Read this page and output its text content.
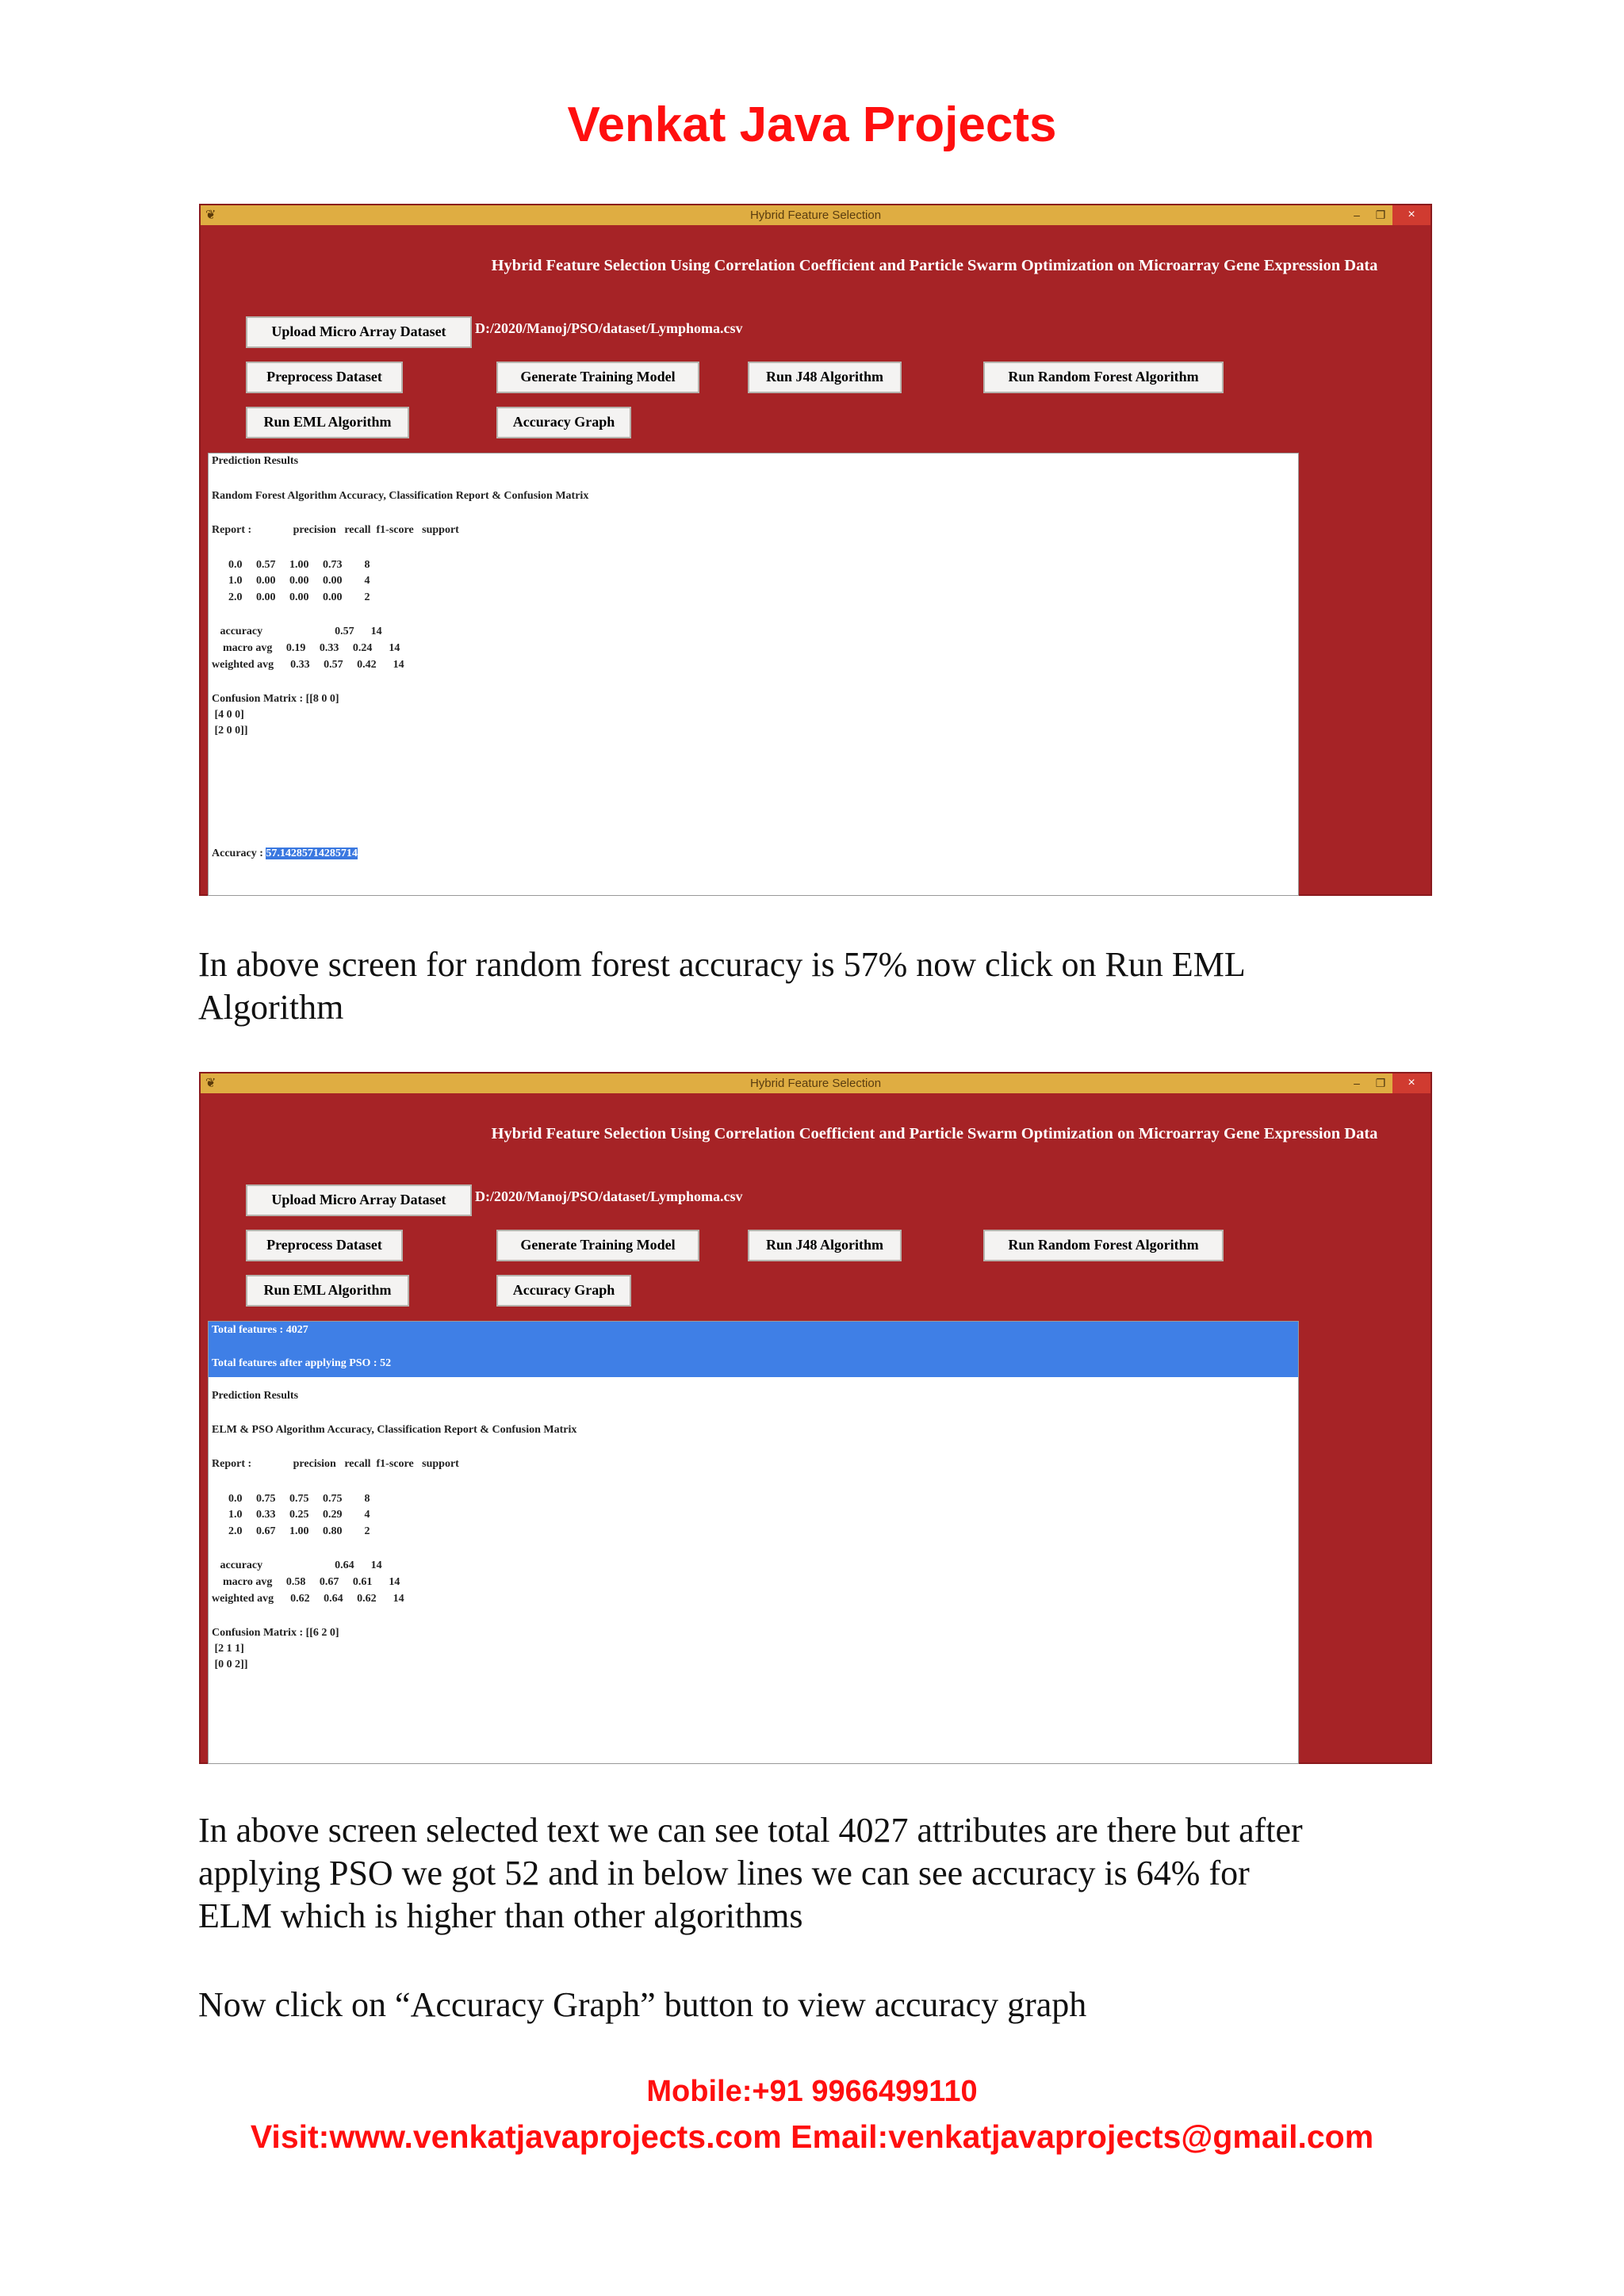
Venkat Java Projects
❦	Hybrid Feature Selection	–	❐	×
Hybrid Feature Selection Using Correlation Coefficient and Particle Swarm Optimization on Microarray Gene Expression Data
Upload Micro Array Dataset	D:/2020/Manoj/PSO/dataset/Lymphoma.csv
Preprocess Dataset	Generate Training Model	Run J48 Algorithm	Run Random Forest Algorithm
Run EML Algorithm	Accuracy Graph
Prediction Results
Random Forest Algorithm Accuracy, Classification Report & Confusion Matrix
Report :               precision   recall  f1-score   support
0.0     0.57     1.00     0.73        8
1.0     0.00     0.00     0.00        4
2.0     0.00     0.00     0.00        2
accuracy                          0.57      14
macro avg     0.19     0.33     0.24      14
weighted avg      0.33     0.57     0.42      14
Confusion Matrix : [[8 0 0]
[4 0 0]
[2 0 0]]
Accuracy : 57.14285714285714
In above screen for random forest accuracy is 57% now click on Run EML
Algorithm
❦	Hybrid Feature Selection	–	❐	×
Hybrid Feature Selection Using Correlation Coefficient and Particle Swarm Optimization on Microarray Gene Expression Data
Upload Micro Array Dataset	D:/2020/Manoj/PSO/dataset/Lymphoma.csv
Preprocess Dataset	Generate Training Model	Run J48 Algorithm	Run Random Forest Algorithm
Run EML Algorithm	Accuracy Graph
Total features : 4027
Total features after applying PSO : 52
Prediction Results
ELM & PSO Algorithm Accuracy, Classification Report & Confusion Matrix
Report :               precision   recall  f1-score   support
0.0     0.75     0.75     0.75        8
1.0     0.33     0.25     0.29        4
2.0     0.67     1.00     0.80        2
accuracy                          0.64      14
macro avg     0.58     0.67     0.61      14
weighted avg      0.62     0.64     0.62      14
Confusion Matrix : [[6 2 0]
[2 1 1]
[0 0 2]]
In above screen selected text we can see total 4027 attributes are there but after
applying PSO we got 52 and in below lines we can see accuracy is 64% for
ELM which is higher than other algorithms
Now click on “Accuracy Graph” button to view accuracy graph
Mobile:+91 9966499110
Visit:www.venkatjavaprojects.com Email:venkatjavaprojects@gmail.com
